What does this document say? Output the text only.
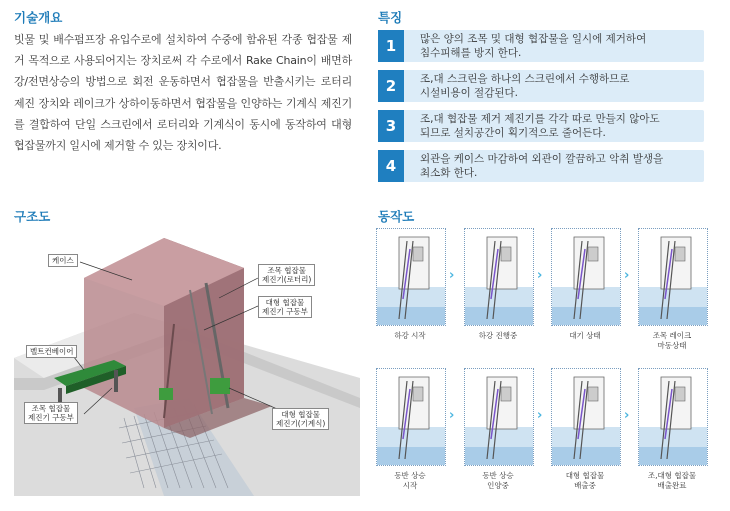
기술개요
빗물 및 배수펌프장 유입수로에 설치하여 수중에 함유된 각종 협잡물 제거 목적으로 사용되어지는 장치로써 각 수로에서 Rake Chain이 배면하강/전면상승의 방법으로 회전 운동하면서 협잡물을 반출시키는 로터리 제진 장치와 레이크가 상하이동하면서 협잡물을 인양하는 기계식 제진기를 결합하여 단일 스크린에서 로터리와 기계식이 동시에 동작하여 대형 협잡물까지 일시에 제거할 수 있는 장치이다.
특징
1	많은 양의 조목 및 대형 협잡물을 일시에 제거하여
침수피해를 방지 한다.
2	조,대 스크린을 하나의 스크린에서 수행하므로
시설비용이 절감된다.
3	조,대 협잡물 제거 제진기를 각각 따로 만들지 않아도
되므로 설치공간이 획기적으로 줄어든다.
4	외관을 케이스 마감하여 외관이 깔끔하고 악취 발생을
최소화 한다.
구조도
케이스
조목 협잡물
제진기(로터리)
대형 협잡물
제진기 구동부
벨트컨베이어
조목 협잡물
제진기 구동부	대형 협잡물
제진기(기계식)
동작도
하강 시작
›
하강 진행중
›
대기 상태
›
조목 레이크
마동상태
동반 상승
시작
›
동반 상승
인양중
›
대형 협잡물
배출중
›
조,대형 협잡물
배출완료
